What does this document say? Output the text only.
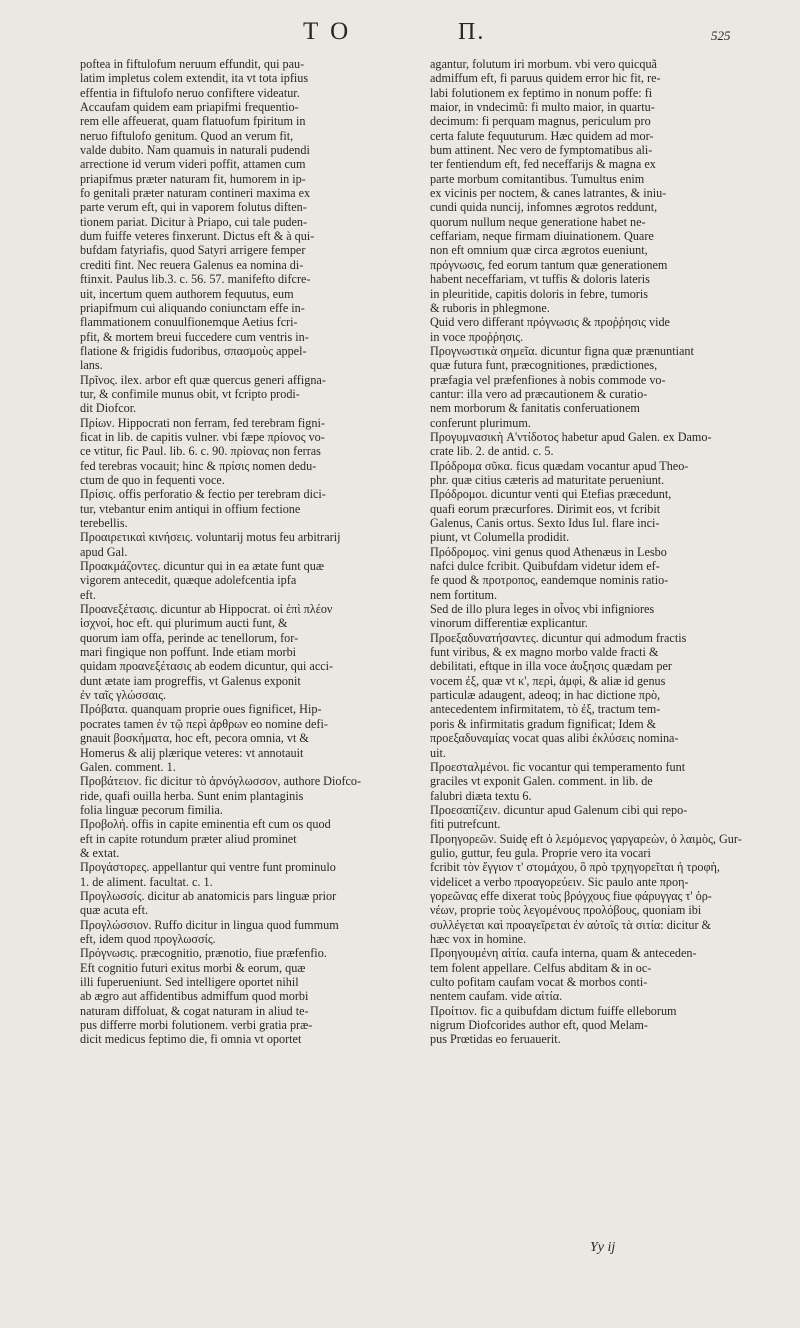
T O	П.	525
poftea in fiftulofum neruum effundit, qui pau-
latim impletus colem extendit, ita vt tota ipfius
effentia in fiftulofo neruo confiftere videatur.
Accaufam quidem eam priapifmi frequentio-
rem elle affeuerat, quam flatuofum fpiritum in
neruo fiftulofo genitum. Quod an verum fit,
valde dubito. Nam quamuis in naturali pudendi
arrectione id verum videri poffit, attamen cum
priapifmus præter naturam fit, humorem in ip-
fo genitali præter naturam contineri maxima ex
parte verum eft, qui in vaporem folutus diften-
tionem pariat. Dicitur à Priapo, cui tale puden-
dum fuiffe veteres finxerunt. Dictus eft & à qui-
bufdam fatyriafis, quod Satyri arrigere femper
crediti fint. Nec reuera Galenus ea nomina di-
ftinxit. Paulus lib.3. c. 56. 57. manifefto difcre-
uit, incertum quem authorem fequutus, eum
priapifmum cui aliquando coniunctam effe in-
flammationem conuulfionemque Aetius fcri-
pfit, & mortem breui fuccedere cum ventris in-
flatione & frigidis fudoribus, σπασμοὺς appel-
lans.
Πρῖνος. ilex. arbor eft quæ quercus generi affigna-
tur, & confimile munus obit, vt fcripto prodi-
dit Diofcor.
Πρίων. Hippocrati non ferram, fed terebram figni-
ficat in lib. de capitis vulner. vbi fæpe πρίονος vo-
ce vtitur, fic Paul. lib. 6. c. 90. πρίονας non ferras
fed terebras vocauit; hinc & πρίσις nomen dedu-
ctum de quo in fequenti voce.
Πρίσις. offis perforatio & fectio per terebram dici-
tur, vtebantur enim antiqui in offium fectione
terebellis.
Προαιρετικαὶ κινήσεις. voluntarij motus feu arbitrarij
apud Gal.
Προακμάζοντες. dicuntur qui in ea ætate funt quæ
vigorem antecedit, quæque adolefcentia ipfa
eft.
Προανεξέτασις. dicuntur ab Hippocrat. οἱ ἐπὶ πλέον
ἰσχνοί, hoc eft. qui plurimum aucti funt, &
quorum iam offa, perinde ac tenellorum, for-
mari fingique non poffunt. Inde etiam morbi
quidam προανεξέτασις ab eodem dicuntur, qui acci-
dunt ætate iam progreffis, vt Galenus exponit
ἐν ταῖς γλώσσαις.
Πρόβατα. quanquam proprie oues fignificet, Hip-
pocrates tamen ἐν τῷ περὶ ἀρθρων eo nomine defi-
gnauit βοσκήματα, hoc eft, pecora omnia, vt &
Homerus & alij plærique veteres: vt annotauit
Galen. comment. 1.
Προβάτειον. fic dicitur τὸ ἀρνόγλωσσον, authore Diofco-
ride, quafi ouilla herba. Sunt enim plantaginis
folia linguæ pecorum fimilia.
Προβολή. offis in capite eminentia eft cum os quod
eft in capite rotundum præter aliud prominet
& extat.
Προγάστορες. appellantur qui ventre funt prominulo
1. de aliment. facultat. c. 1.
Προγλωσσίς. dicitur ab anatomicis pars linguæ prior
quæ acuta eft.
Προγλώσσιον. Ruffo dicitur in lingua quod fummum
eft, idem quod προγλωσσίς.
Πρόγνωσις. præcognitio, prænotio, fiue præfenfio.
Eft cognitio futuri exitus morbi & eorum, quæ
illi fuperueniunt. Sed intelligere oportet nihil
ab ægro aut affidentibus admiffum quod morbi
naturam diffoluat, & cogat naturam in aliud te-
pus differre morbi folutionem. verbi gratia præ-
dicit medicus feptimo die, fi omnia vt oportet
agantur, folutum iri morbum. vbi vero quicquã
admiffum eft, fi paruus quidem error hic fit, re-
labi folutionem ex feptimo in nonum poffe: fi
maior, in vndecimũ: fi multo maior, in quartu-
decimum: fi perquam magnus, periculum pro
certa falute fequuturum. Hæc quidem ad mor-
bum attinent. Nec vero de fymptomatibus ali-
ter fentiendum eft, fed neceffarijs & magna ex
parte morbum comitantibus. Tumultus enim
ex vicinis per noctem, & canes latrantes, & iniu-
cundi quida nuncij, infomnes ægrotos reddunt,
quorum nullum neque generatione habet ne-
ceffariam, neque firmam diuinationem. Quare
non eft omnium quæ circa ægrotos eueniunt,
πρόγνωσις, fed eorum tantum quæ generationem
habent neceffariam, vt tuffis & doloris lateris
in pleuritide, capitis doloris in febre, tumoris
& ruboris in phlegmone.
Quid vero differant πρόγνωσις & προῤῥησις vide
in voce προῤῥησις.
Προγνωστικὰ σημεῖα. dicuntur figna quæ prænuntiant
quæ futura funt, præcognitiones, prædictiones,
præfagia vel præfenfiones à nobis commode vo-
cantur: illa vero ad præcautionem & curatio-
nem morborum & fanitatis conferuationem
conferunt plurimum.
Προγυμνασικὴ A'ντίδοτος habetur apud Galen. ex Damo-
crate lib. 2. de antid. c. 5.
Πρόδρομα σῦκα. ficus quædam vocantur apud Theo-
phr. quæ citius cæteris ad maturitate perueniunt.
Πρόδρομοι. dicuntur venti qui Etefias præcedunt,
quafi eorum præcurfores. Dirimit eos, vt fcribit
Galenus, Canis ortus. Sexto Idus Iul. flare inci-
piunt, vt Columella prodidit.
Πρόδρομος. vini genus quod Athenæus in Lesbo
nafci dulce fcribit. Quibufdam videtur idem ef-
fe quod & προτροπος, eandemque nominis ratio-
nem fortitum.
Sed de illo plura leges in οἶνος vbi infigniores
vinorum differentiæ explicantur.
Προεξαδυνατήσαντες. dicuntur qui admodum fractis
funt viribus, & ex magno morbo valde fracti &
debilitati, eftque in illa voce ἀυξησις quædam per
vocem ἐξ, quæ vt κ', περὶ, ἀμφὶ, & aliæ id genus
particulæ adaugent, adeoq; in hac dictione πρὸ,
antecedentem infirmitatem, τὸ ἐξ, tractum tem-
poris & infirmitatis gradum fignificat; Idem &
προεξαδυναμίας vocat quas alibi ἐκλύσεις nomina-
uit.
Προεσταλμένοι. fic vocantur qui temperamento funt
graciles vt exponit Galen. comment. in lib. de
falubri diæta textu 6.
Προεσαπίζειν. dicuntur apud Galenum cibi qui repo-
fiti putrefcunt.
Προηγορεῶν. Suidę eft ὁ λεμόμενος γαργαρεὼν, ὁ λαιμὸς, Gur-
gulio, guttur, feu gula. Proprie vero ita vocari
fcribit τὸν ἔγγιον τ' στομάχου, ὃ πρὸ τρχηγορεῖται ἡ τροφὴ,
videlicet a verbo προαγορεύειν. Sic paulo ante πρoη-
γορεῶνας effe dixerat τοὺς βρόγχους fiue φάρυγγας τ' ὀρ-
νέων, proprie τοὺς λεγομένους προλόβους, quoniam ibi
συλλέγεται καὶ προαγεῖρεται ἐν αὐτοῖς τὰ σιτία: dicitur &
hæc vox in homine.
Προηγουμένη αἰτία. caufa interna, quam & anteceden-
tem folent appellare. Celfus abditam & in oc-
culto pofitam caufam vocat & morbos conti-
nentem caufam. vide αἰτία.
Προίτιον. fic a quibufdam dictum fuiffe elleborum
nigrum Diofcorides author eft, quod Melam-
pus Prœtidas eo feruauerit.
Yy ij
